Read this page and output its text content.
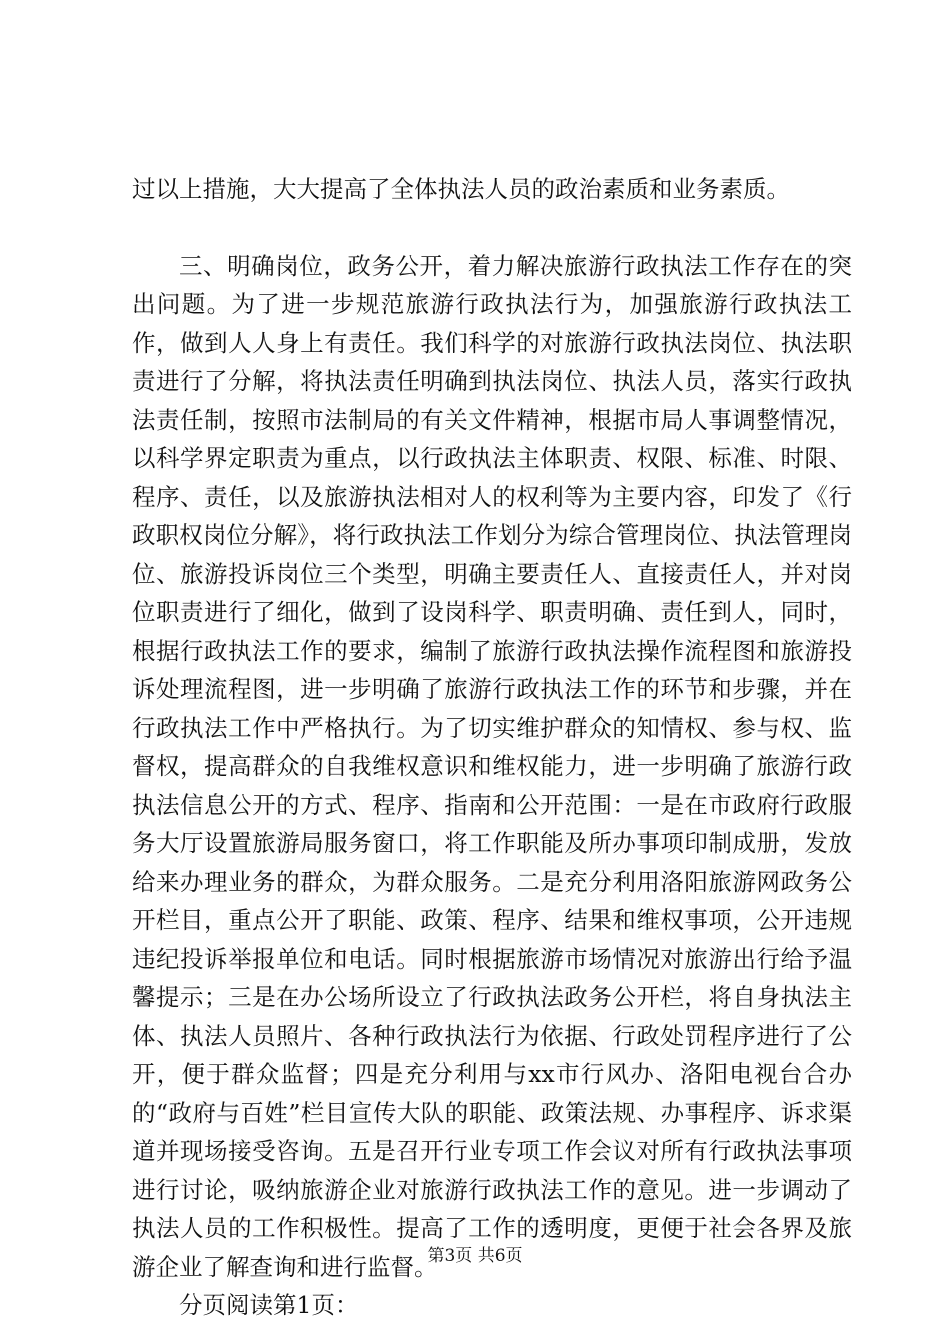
过以上措施，大大提高了全体执法人员的政治素质和业务素质。

三、明确岗位，政务公开，着力解决旅游行政执法工作存在的突出问题。为了进一步规范旅游行政执法行为，加强旅游行政执法工作，做到人人身上有责任。我们科学的对旅游行政执法岗位、执法职责进行了分解，将执法责任明确到执法岗位、执法人员，落实行政执法责任制，按照市法制局的有关文件精神，根据市局人事调整情况，以科学界定职责为重点，以行政执法主体职责、权限、标准、时限、程序、责任，以及旅游执法相对人的权利等为主要内容，印发了《行政职权岗位分解》，将行政执法工作划分为综合管理岗位、执法管理岗位、旅游投诉岗位三个类型，明确主要责任人、直接责任人，并对岗位职责进行了细化，做到了设岗科学、职责明确、责任到人，同时，根据行政执法工作的要求，编制了旅游行政执法操作流程图和旅游投诉处理流程图，进一步明确了旅游行政执法工作的环节和步骤，并在行政执法工作中严格执行。为了切实维护群众的知情权、参与权、监督权，提高群众的自我维权意识和维权能力，进一步明确了旅游行政执法信息公开的方式、程序、指南和公开范围：一是在市政府行政服务大厅设置旅游局服务窗口，将工作职能及所办事项印制成册，发放给来办理业务的群众，为群众服务。二是充分利用洛阳旅游网政务公开栏目，重点公开了职能、政策、程序、结果和维权事项，公开违规违纪投诉举报单位和电话。同时根据旅游市场情况对旅游出行给予温馨提示；三是在办公场所设立了行政执法政务公开栏，将自身执法主体、执法人员照片、各种行政执法行为依据、行政处罚程序进行了公开，便于群众监督；四是充分利用与xx市行风办、洛阳电视台合办的“政府与百姓”栏目宣传大队的职能、政策法规、办事程序、诉求渠道并现场接受咨询。五是召开行业专项工作会议对所有行政执法事项进行讨论，吸纳旅游企业对旅游行政执法工作的意见。进一步调动了执法人员的工作积极性。提高了工作的透明度，更便于社会各界及旅游企业了解查询和进行监督。

分页阅读第1页：

第3页 共6页
